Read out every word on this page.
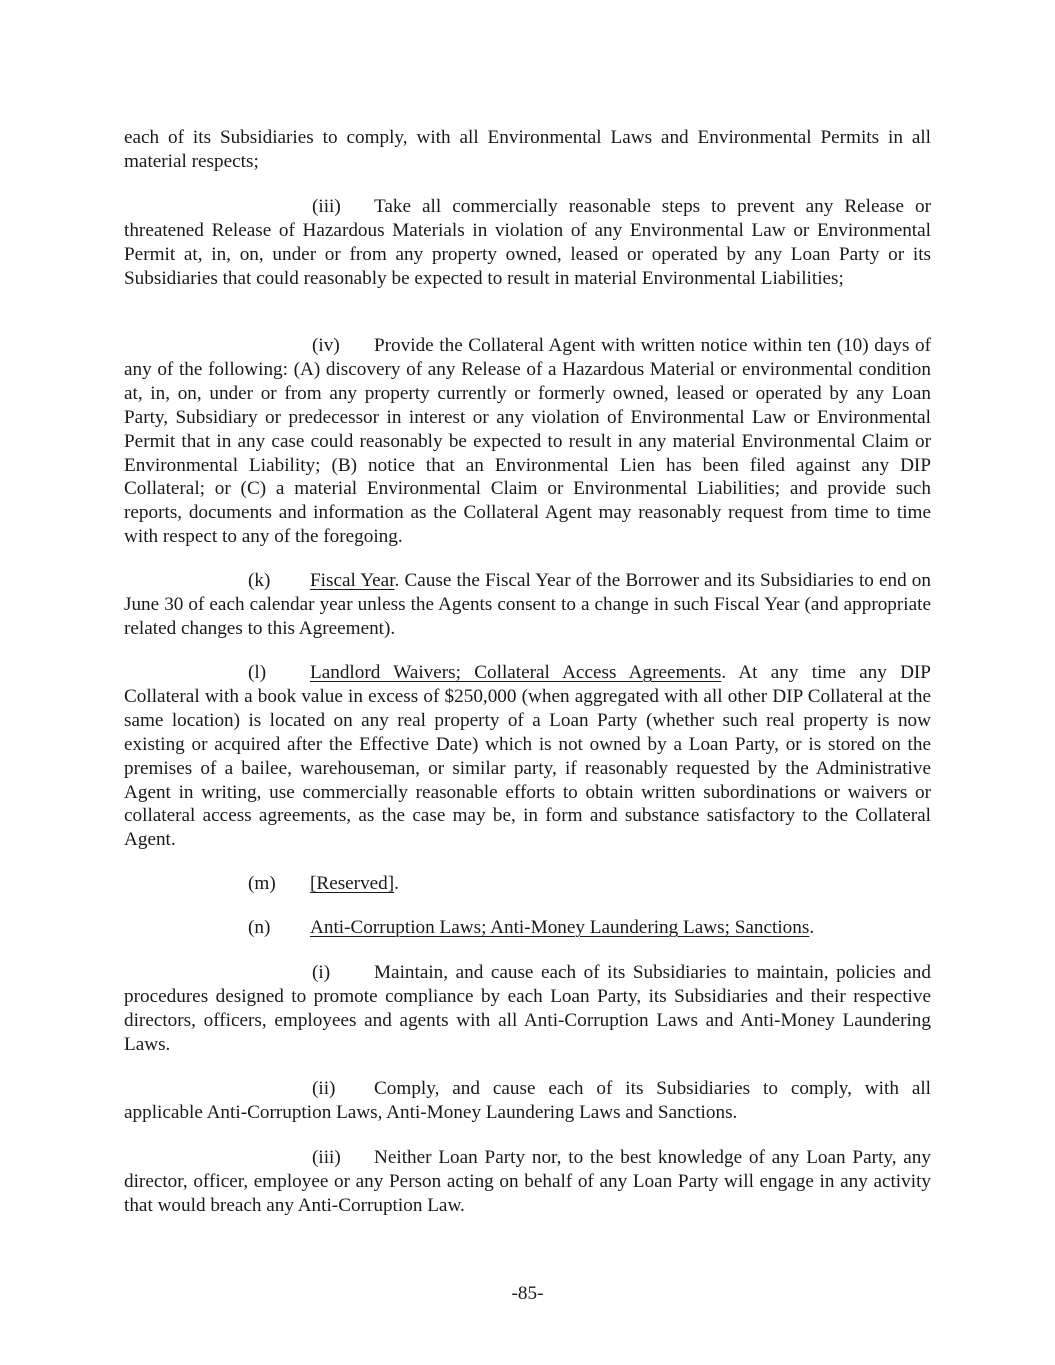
each of its Subsidiaries to comply, with all Environmental Laws and Environmental Permits in all material respects;

(iii) Take all commercially reasonable steps to prevent any Release or threatened Release of Hazardous Materials in violation of any Environmental Law or Environmental Permit at, in, on, under or from any property owned, leased or operated by any Loan Party or its Subsidiaries that could reasonably be expected to result in material Environmental Liabilities;

(iv) Provide the Collateral Agent with written notice within ten (10) days of any of the following: (A) discovery of any Release of a Hazardous Material or environmental condition at, in, on, under or from any property currently or formerly owned, leased or operated by any Loan Party, Subsidiary or predecessor in interest or any violation of Environmental Law or Environmental Permit that in any case could reasonably be expected to result in any material Environmental Claim or Environmental Liability; (B) notice that an Environmental Lien has been filed against any DIP Collateral; or (C) a material Environmental Claim or Environmental Liabilities; and provide such reports, documents and information as the Collateral Agent may reasonably request from time to time with respect to any of the foregoing.

(k) Fiscal Year. Cause the Fiscal Year of the Borrower and its Subsidiaries to end on June 30 of each calendar year unless the Agents consent to a change in such Fiscal Year (and appropriate related changes to this Agreement).

(l) Landlord Waivers; Collateral Access Agreements. At any time any DIP Collateral with a book value in excess of $250,000 (when aggregated with all other DIP Collateral at the same location) is located on any real property of a Loan Party (whether such real property is now existing or acquired after the Effective Date) which is not owned by a Loan Party, or is stored on the premises of a bailee, warehouseman, or similar party, if reasonably requested by the Administrative Agent in writing, use commercially reasonable efforts to obtain written subordinations or waivers or collateral access agreements, as the case may be, in form and substance satisfactory to the Collateral Agent.

(m) [Reserved].

(n) Anti-Corruption Laws; Anti-Money Laundering Laws; Sanctions.

(i) Maintain, and cause each of its Subsidiaries to maintain, policies and procedures designed to promote compliance by each Loan Party, its Subsidiaries and their respective directors, officers, employees and agents with all Anti-Corruption Laws and Anti-Money Laundering Laws.

(ii) Comply, and cause each of its Subsidiaries to comply, with all applicable Anti-Corruption Laws, Anti-Money Laundering Laws and Sanctions.

(iii) Neither Loan Party nor, to the best knowledge of any Loan Party, any director, officer, employee or any Person acting on behalf of any Loan Party will engage in any activity that would breach any Anti-Corruption Law.

-85-
